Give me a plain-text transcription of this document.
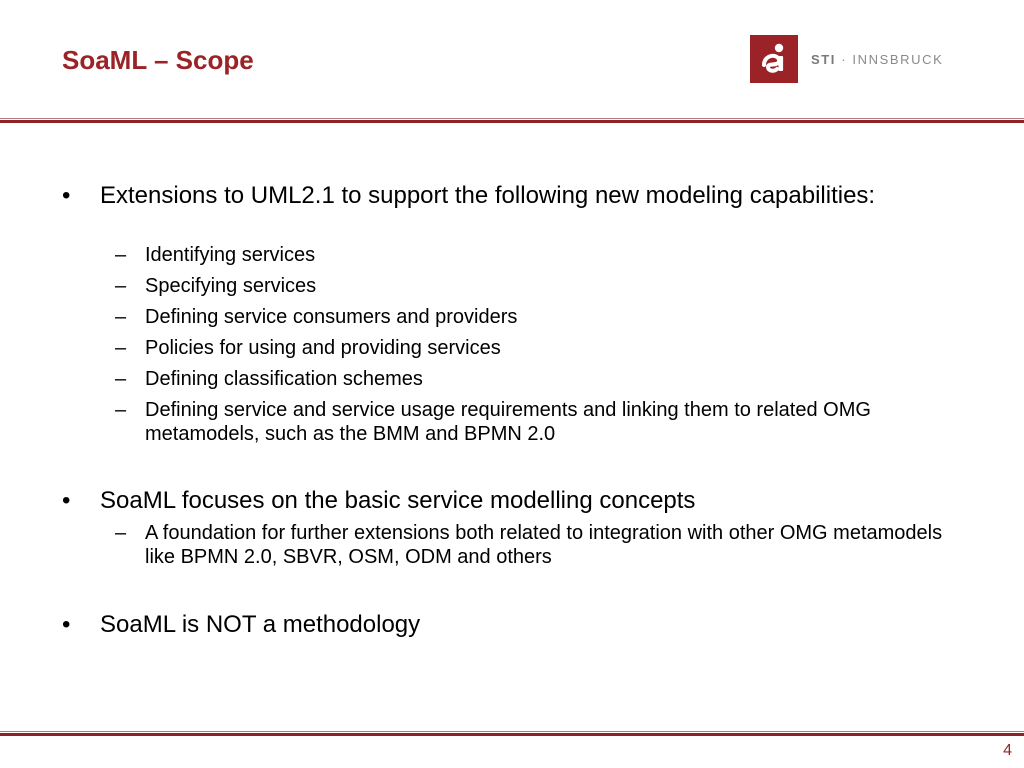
SoaML – Scope	STI · INNSBRUCK
• Extensions to UML2.1 to support the following new modeling capabilities:
– Identifying services
– Specifying services
– Defining service consumers and providers
– Policies for using and providing services
– Defining classification schemes
– Defining service and service usage requirements and linking them to related OMG metamodels, such as the BMM and BPMN 2.0
• SoaML focuses on the basic service modelling concepts
– A foundation for further extensions both related to integration with other OMG metamodels like BPMN 2.0, SBVR, OSM, ODM and others
• SoaML is NOT a methodology
4
